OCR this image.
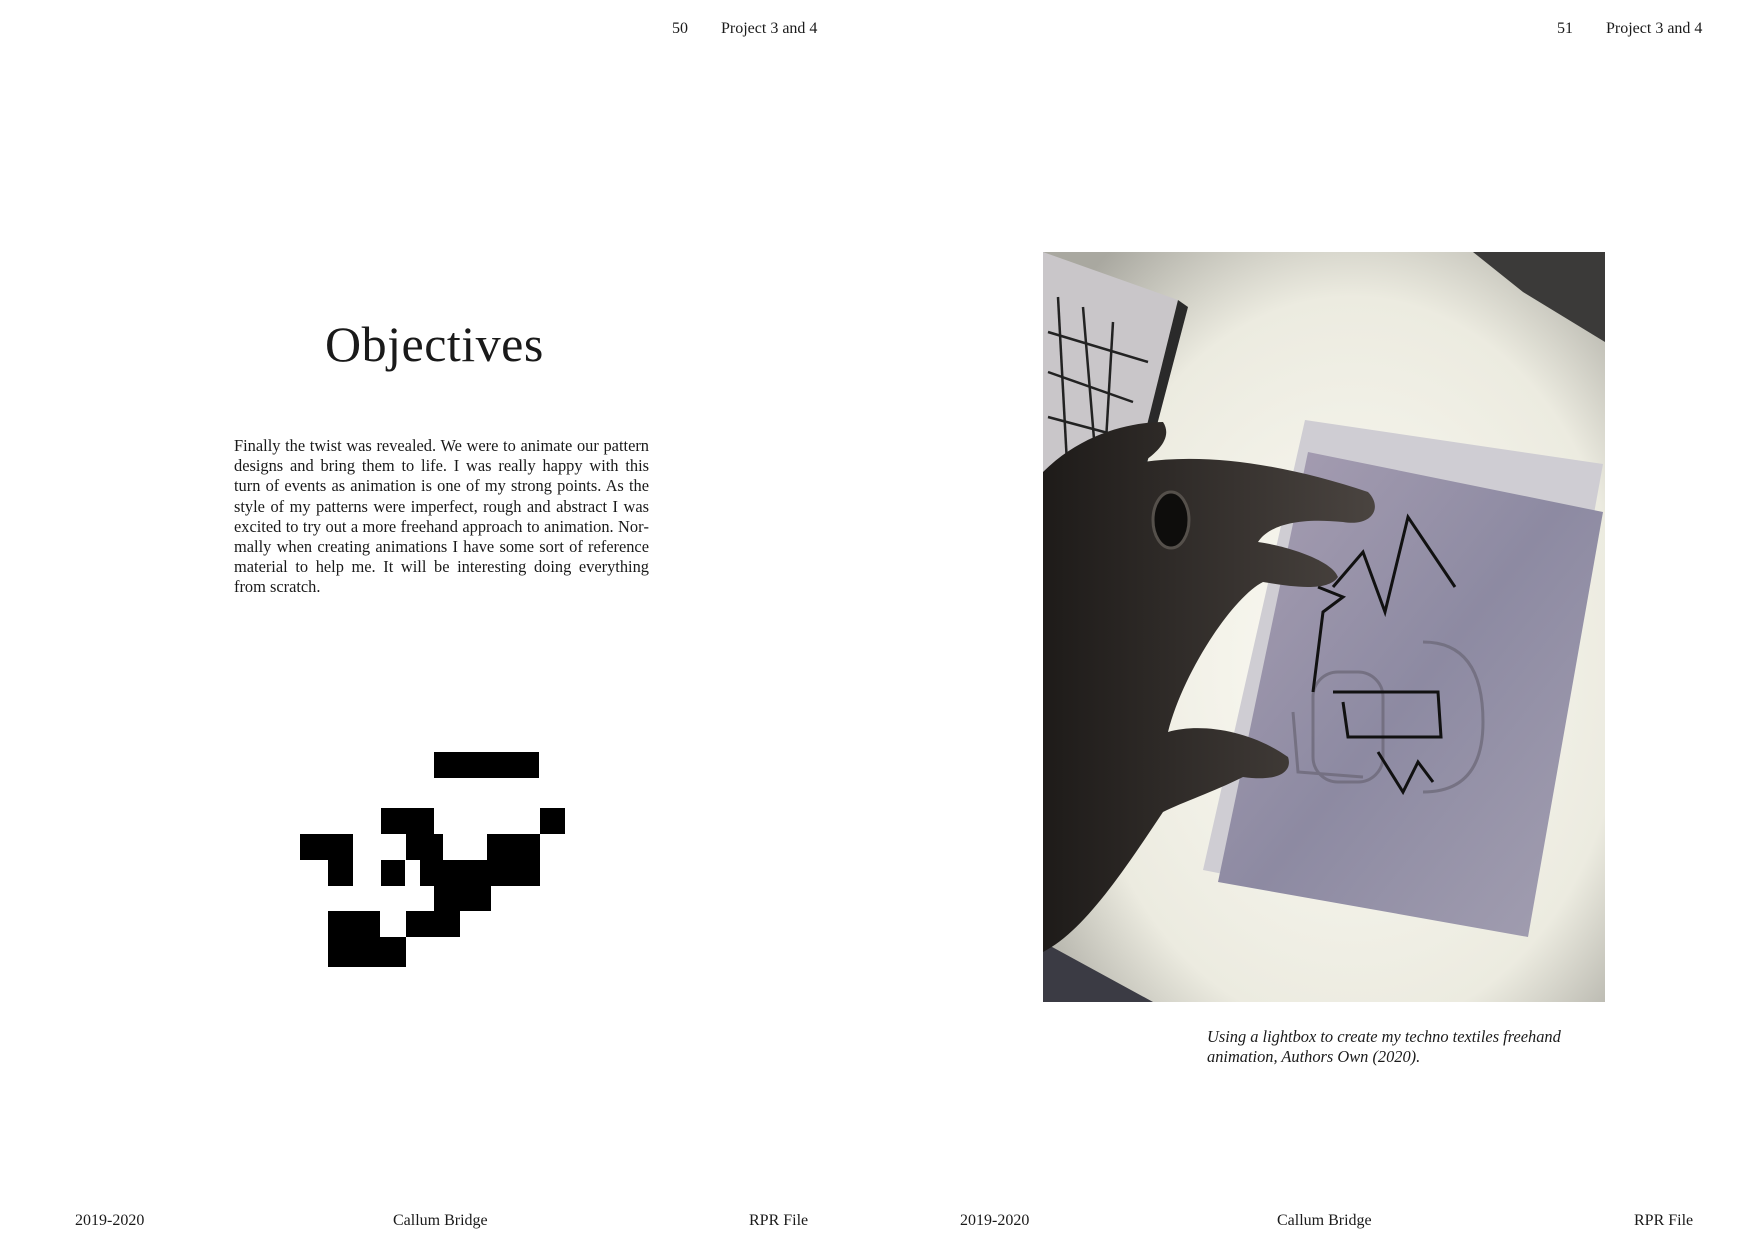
50 Project 3 and 4
Objectives
Finally the twist was revealed. We were to animate our pattern designs and bring them to life. I was really happy with this turn of events as animation is one of my strong points. As the style of my patterns were imperfect, rough and abstract I was excited to try out a more freehand approach to animation. Normally when creating animations I have some sort of reference material to help me. It will be interesting doing everything from scratch.
2019-2020	Callum Bridge	RPR File
51 Project 3 and 4
Using a lightbox to create my techno textiles freehand animation, Authors Own (2020).
2019-2020	Callum Bridge	RPR File
